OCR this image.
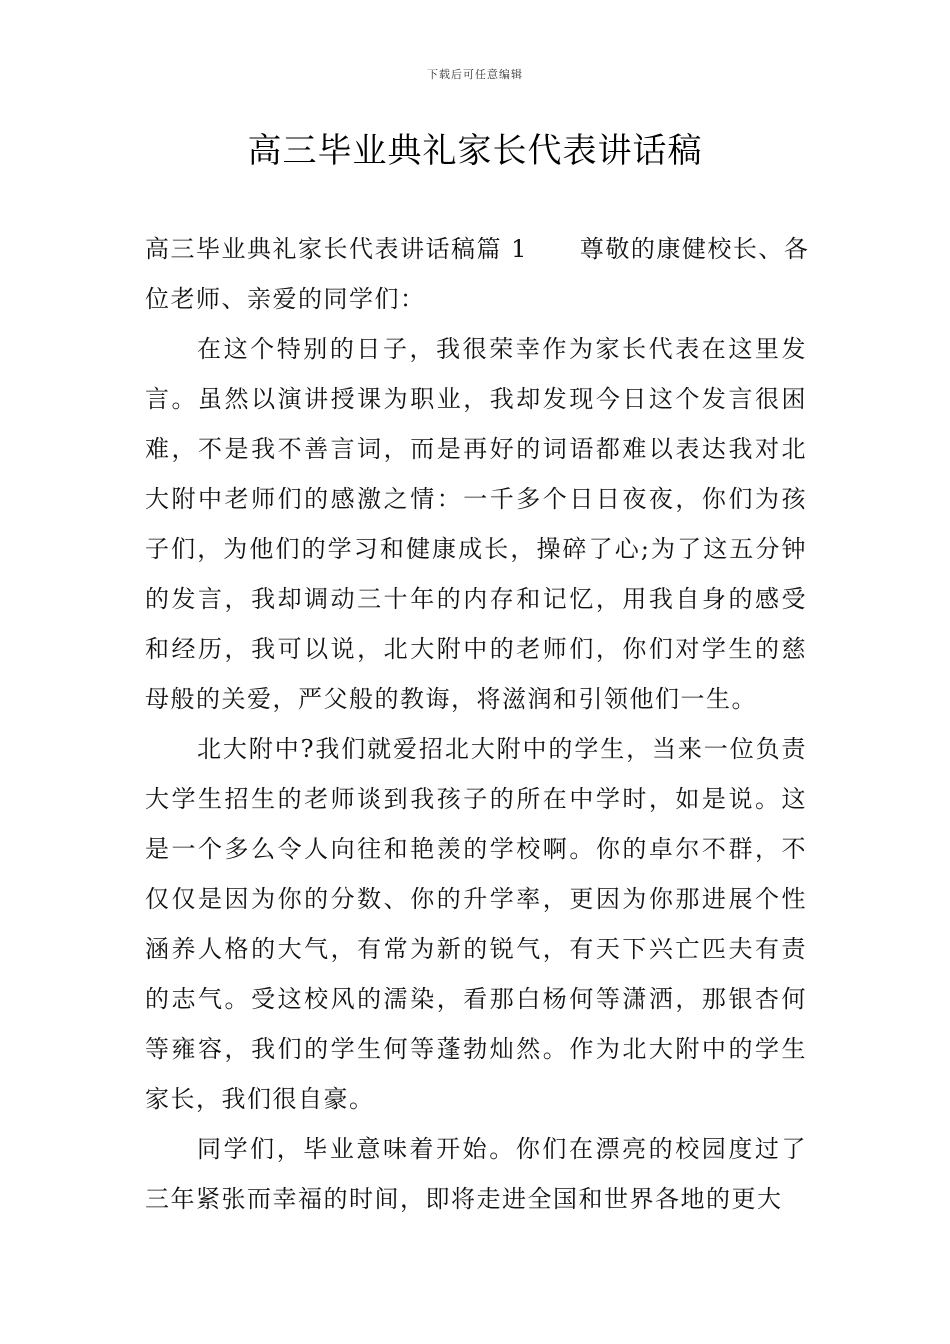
下载后可任意编辑
高三毕业典礼家长代表讲话稿

高三毕业典礼家长代表讲话稿篇 1 尊敬的康健校长、各

位老师、亲爱的同学们：

在这个特别的日子，我很荣幸作为家长代表在这里发言。虽然以演讲授课为职业，我却发现今日这个发言很困难，不是我不善言词，而是再好的词语都难以表达我对北大附中老师们的感激之情：一千多个日日夜夜，你们为孩子们，为他们的学习和健康成长，操碎了心;为了这五分钟的发言，我却调动三十年的内存和记忆，用我自身的感受和经历，我可以说，北大附中的老师们，你们对学生的慈母般的关爱，严父般的教诲，将滋润和引领他们一生。

北大附中?我们就爱招北大附中的学生，当来一位负责大学生招生的老师谈到我孩子的所在中学时，如是说。这是一个多么令人向往和艳羡的学校啊。你的卓尔不群，不仅仅是因为你的分数、你的升学率，更因为你那进展个性涵养人格的大气，有常为新的锐气，有天下兴亡匹夫有责的志气。受这校风的濡染，看那白杨何等潇洒，那银杏何等雍容，我们的学生何等蓬勃灿然。作为北大附中的学生家长，我们很自豪。

同学们，毕业意味着开始。你们在漂亮的校园度过了三年紧张而幸福的时间，即将走进全国和世界各地的更大
